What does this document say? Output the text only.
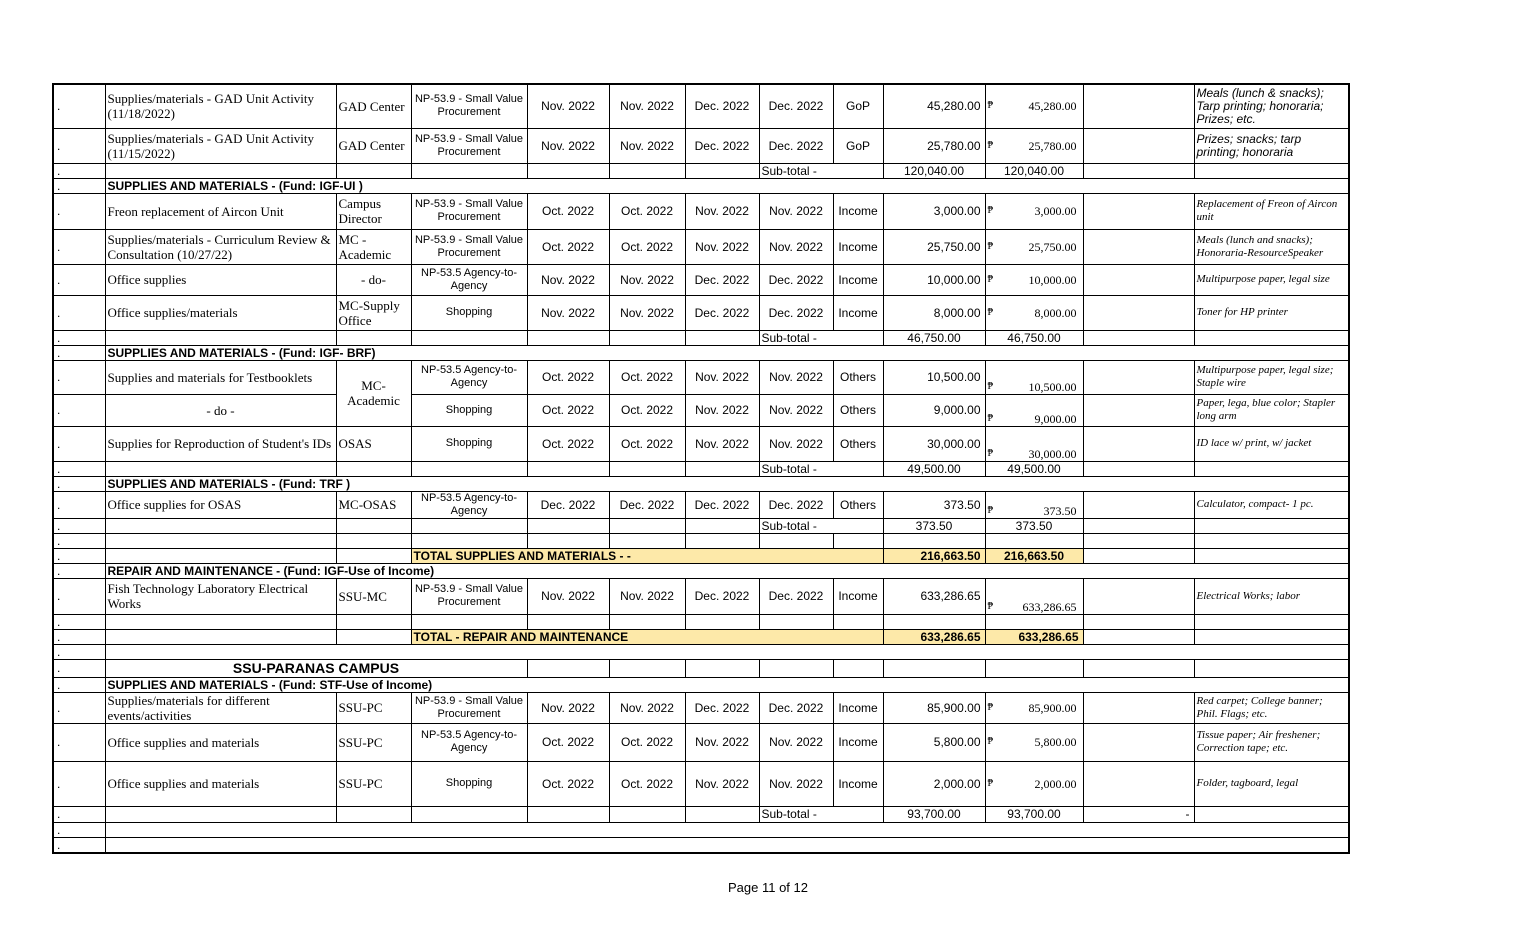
.	Supplies/materials - GAD Unit Activity (11/18/2022)	GAD Center	NP-53.9 - Small Value Procurement	Nov. 2022	Nov. 2022	Dec. 2022	Dec. 2022	GoP	45,280.00	₱ 45,280.00		Meals (lunch & snacks); Tarp printing; honoraria; Prizes; etc.
.	Supplies/materials - GAD Unit Activity (11/15/2022)	GAD Center	NP-53.9 - Small Value Procurement	Nov. 2022	Nov. 2022	Dec. 2022	Dec. 2022	GoP	25,780.00	₱ 25,780.00		Prizes; snacks; tarp printing; honoraria
.							Sub-total -		120,040.00	120,040.00		
.	SUPPLIES AND MATERIALS - (Fund: IGF-UI )											
.	Freon replacement of Aircon Unit	Campus Director	NP-53.9 - Small Value Procurement	Oct. 2022	Oct. 2022	Nov. 2022	Nov. 2022	Income	3,000.00	₱ 3,000.00		Replacement of Freon of Aircon unit
.	Supplies/materials - Curriculum Review & Consultation (10/27/22)	MC - Academic	NP-53.9 - Small Value Procurement	Oct. 2022	Oct. 2022	Nov. 2022	Nov. 2022	Income	25,750.00	₱ 25,750.00		Meals (lunch and snacks); Honoraria-ResourceSpeaker
.	Office supplies	- do-	NP-53.5 Agency-to-Agency	Nov. 2022	Nov. 2022	Dec. 2022	Dec. 2022	Income	10,000.00	₱ 10,000.00		Multipurpose paper, legal size
.	Office supplies/materials	MC-Supply Office	Shopping	Nov. 2022	Nov. 2022	Dec. 2022	Dec. 2022	Income	8,000.00	₱ 8,000.00		Toner for HP printer
.							Sub-total -		46,750.00	46,750.00		
.	SUPPLIES AND MATERIALS - (Fund: IGF- BRF)											
.	Supplies and materials for Testbooklets	MC- Academic	NP-53.5 Agency-to-Agency	Oct. 2022	Oct. 2022	Nov. 2022	Nov. 2022	Others	10,500.00	₱ 10,500.00		Multipurpose paper, legal size; Staple wire
.	- do -		Shopping	Oct. 2022	Oct. 2022	Nov. 2022	Nov. 2022	Others	9,000.00	₱ 9,000.00		Paper, lega, blue color; Stapler long arm
.	Supplies for Reproduction of Student's IDs	OSAS	Shopping	Oct. 2022	Oct. 2022	Nov. 2022	Nov. 2022	Others	30,000.00	₱ 30,000.00		ID lace w/ print, w/ jacket
.							Sub-total -		49,500.00	49,500.00		
.	SUPPLIES AND MATERIALS - (Fund: TRF )											
.	Office supplies for OSAS	MC-OSAS	NP-53.5 Agency-to-Agency	Dec. 2022	Dec. 2022	Dec. 2022	Dec. 2022	Others	373.50	₱ 373.50		Calculator, compact- 1 pc.
.							Sub-total -		373.50	373.50		
.												
.			TOTAL SUPPLIES AND MATERIALS - -						216,663.50	216,663.50		
.	REPAIR AND MAINTENANCE - (Fund: IGF-Use of Income)											
.	Fish Technology Laboratory Electrical Works	SSU-MC	NP-53.9 - Small Value Procurement	Nov. 2022	Nov. 2022	Dec. 2022	Dec. 2022	Income	633,286.65	₱ 633,286.65		Electrical Works; labor
.												
.			TOTAL - REPAIR AND MAINTENANCE						633,286.65	633,286.65		
.												
.	SSU-PARANAS CAMPUS											
.	SUPPLIES AND MATERIALS - (Fund: STF-Use of Income)											
.	Supplies/materials for different events/activities	SSU-PC	NP-53.9 - Small Value Procurement	Nov. 2022	Nov. 2022	Dec. 2022	Dec. 2022	Income	85,900.00	₱ 85,900.00		Red carpet; College banner; Phil. Flags; etc.
.	Office supplies and materials	SSU-PC	NP-53.5 Agency-to-Agency	Oct. 2022	Oct. 2022	Nov. 2022	Nov. 2022	Income	5,800.00	₱ 5,800.00		Tissue paper; Air freshener; Correction tape; etc.
.	Office supplies and materials	SSU-PC	Shopping	Oct. 2022	Oct. 2022	Nov. 2022	Nov. 2022	Income	2,000.00	₱ 2,000.00		Folder, tagboard, legal
.							Sub-total -		93,700.00	93,700.00	-	
.												
.												
Page 11 of 12
